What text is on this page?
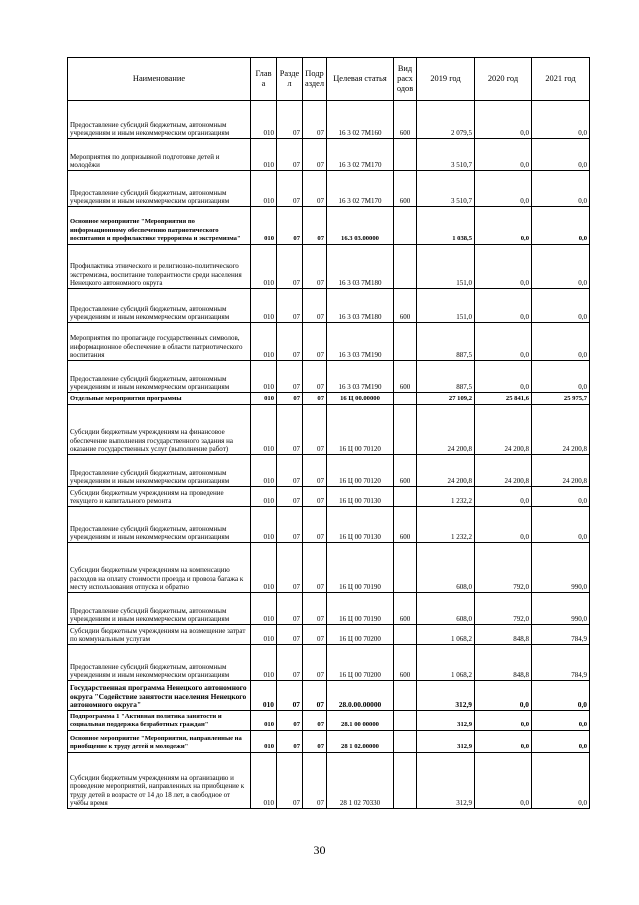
Наименование	Глав а	Разде л	Подр аздел	Целевая статья	Вид расх одов	2019 год	2020 год	2021 год
Предоставление субсидий бюджетным, автономным учреждениям и иным некоммерческим организациям	010	07	07	16 3 02 7М160	600	2 079,5	0,0	0,0
Мероприятия по допризывной подготовке детей и молодёжи	010	07	07	16 3 02 7М170		3 510,7	0,0	0,0
Предоставление субсидий бюджетным, автономным учреждениям и иным некоммерческим организациям	010	07	07	16 3 02 7М170	600	3 510,7	0,0	0,0
Основное мероприятие "Мероприятия по информационному обеспечению патриотического воспитания и профилактике терроризма и экстремизма"	010	07	07	16.3 03.00000		1 038,5	0,0	0,0
Профилактика этнического и религиозно-политического экстремизма, воспитание толерантности среди населения Ненецкого автономного округа	010	07	07	16 3 03 7М180		151,0	0,0	0,0
Предоставление субсидий бюджетным, автономным учреждениям и иным некоммерческим организациям	010	07	07	16 3 03 7М180	600	151,0	0,0	0,0
Мероприятия по пропаганде государственных символов, информационное обеспечение в области патриотического воспитания	010	07	07	16 3 03 7М190		887,5	0,0	0,0
Предоставление субсидий бюджетным, автономным учреждениям и иным некоммерческим организациям	010	07	07	16 3 03 7М190	600	887,5	0,0	0,0
Отдельные мероприятия программы	010	07	07	16 Ц 00.00000		27 109,2	25 841,6	25 975,7
Субсидии бюджетным учреждениям на финансовое обеспечение выполнения государственного задания на оказание государственных услуг (выполнение работ)	010	07	07	16 Ц 00 70120		24 200,8	24 200,8	24 200,8
Предоставление субсидий бюджетным, автономным учреждениям и иным некоммерческим организациям	010	07	07	16 Ц 00 70120	600	24 200,8	24 200,8	24 200,8
Субсидии бюджетным учреждениям на проведение текущего и капитального ремонта	010	07	07	16 Ц 00 70130		1 232,2	0,0	0,0
Предоставление субсидий бюджетным, автономным учреждениям и иным некоммерческим организациям	010	07	07	16 Ц 00 70130	600	1 232,2	0,0	0,0
Субсидии бюджетным учреждениям на компенсацию расходов на оплату стоимости проезда и провоза багажа к месту использования отпуска и обратно	010	07	07	16 Ц 00 70190		608,0	792,0	990,0
Предоставление субсидий бюджетным, автономным учреждениям и иным некоммерческим организациям	010	07	07	16 Ц 00 70190	600	608,0	792,0	990,0
Субсидии бюджетным учреждениям на возмещение затрат по коммунальным услугам	010	07	07	16 Ц 00 70200		1 068,2	848,8	784,9
Предоставление субсидий бюджетным, автономным учреждениям и иным некоммерческим организациям	010	07	07	16 Ц 00 70200	600	1 068,2	848,8	784,9
Государственная программа Ненецкого автономного округа "Содействие занятости населения Ненецкого автономного округа"	010	07	07	28.0.00.00000		312,9	0,0	0,0
Подпрограмма 1 "Активная политика занятости и социальная поддержка безработных граждан"	010	07	07	28.1 00 00000		312,9	0,0	0,0
Основное мероприятие "Мероприятия, направленные на приобщение к труду детей и молодежи"	010	07	07	28 1 02.00000		312,9	0,0	0,0
Субсидии бюджетным учреждениям на организацию и проведение мероприятий, направленных на приобщение к труду детей в возрасте от 14 до 18 лет, в свободное от учёбы время	010	07	07	28 1 02 70330		312,9	0,0	0,0
30
